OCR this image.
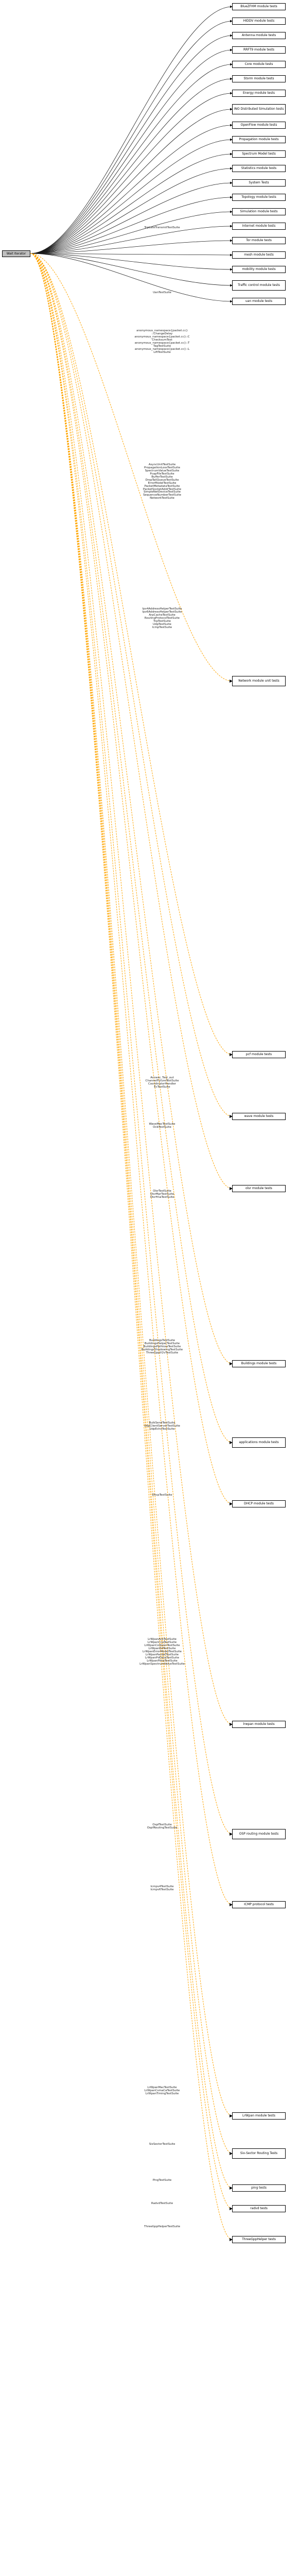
Wait Iterator
BlueZFHM module tests
HIDDV module tests
Antenna module tests
RRFT9 module tests
Core module tests
Storm module tests
Energy module tests
INO Distributed Simulation tests
OpenFlow module tests
Propagation module tests
Spectrum Model tests
Statistics module tests
System Tests
Topology module tests
Simulation module tests
Internet module tests
Tor module tests
mesh module tests
mobility module tests
Traffic control module tests
uan module tests
Network module unit tests
pcf module tests
wave module tests
olsr module tests
Buildings module tests
applications module tests
DHCP module tests
lrwpan module tests
OSP routing module tests
ICMP protocol tests
LrWpan module tests
Six-Sector Routing Tests
ping tests
radvd tests
ThreeGppHelper tests
TcpLateTransmitTestSuite
UanTestSuite
anonymous_namespace{packet.cc}
::ChangeDelay
anonymous_namespace{packet.cc}::C
ChecksumTest
anonymous_namespace{packet.cc}::T
TagTestSuite
anonymous_namespace{packet.cc}::L
LiftTestSuite
AsyncUnitTestSuite
PropagationLossTestSuite
SpectrumValueTestSuite
PcapFileTestSuite
BufferTestSuite
DropTailQueueTestSuite
ErrorModelTestSuite
PacketMetadataTestSuite
PacketSocketAddrTestSuite
SimpleNetDeviceTestSuite
SequenceNumberTestSuite
NetworkTestSuite
Ipv4AddressHelperTestSuite
Ipv6AddressHelperTestSuite
ArpCacheTestSuite
RoutingProtocolTestSuite
TcpTestSuite
UdpTestSuite
IcmpTestSuite
Annexc_Test_out
ChannelFutureTestSuite
CoordinatorHandler
EcTestSuite
WaveMacTestSuite
OcbTestSuite
OlsrTestSuite
OlsrMprTestSuite
OlsrHnaTestSuite
BuildingsTestSuite
BuildingsHelperTestSuite
BuildingsPathlossTestSuite
BuildingsShadowingTestSuite
ThreeGppV2vTestSuite
BulkSendTestSuite
UdpClientServerTestSuite
UdpEchoTestSuite
DhcpTestSuite
LrWpanAckTestSuite
LrWpanCcaTestSuite
LrWpanCollisionTestSuite
LrWpanEdTestSuite
LrWpanErrorModelTestSuite
LrWpanPacketTestSuite
LrWpanPdDataTestSuite
LrWpanPlmeTestSuite
LrWpanSpectrumValueTestSuite
OspfTestSuite
OspfRoutingTestSuite
Icmpv4TestSuite
Icmpv6TestSuite
LrWpanMacTestSuite
LrWpanCsmaCaTestSuite
LrWpanTimingTestSuite
SixSectorTestSuite
PingTestSuite
RadvdTestSuite
ThreeGppHelperTestSuite
